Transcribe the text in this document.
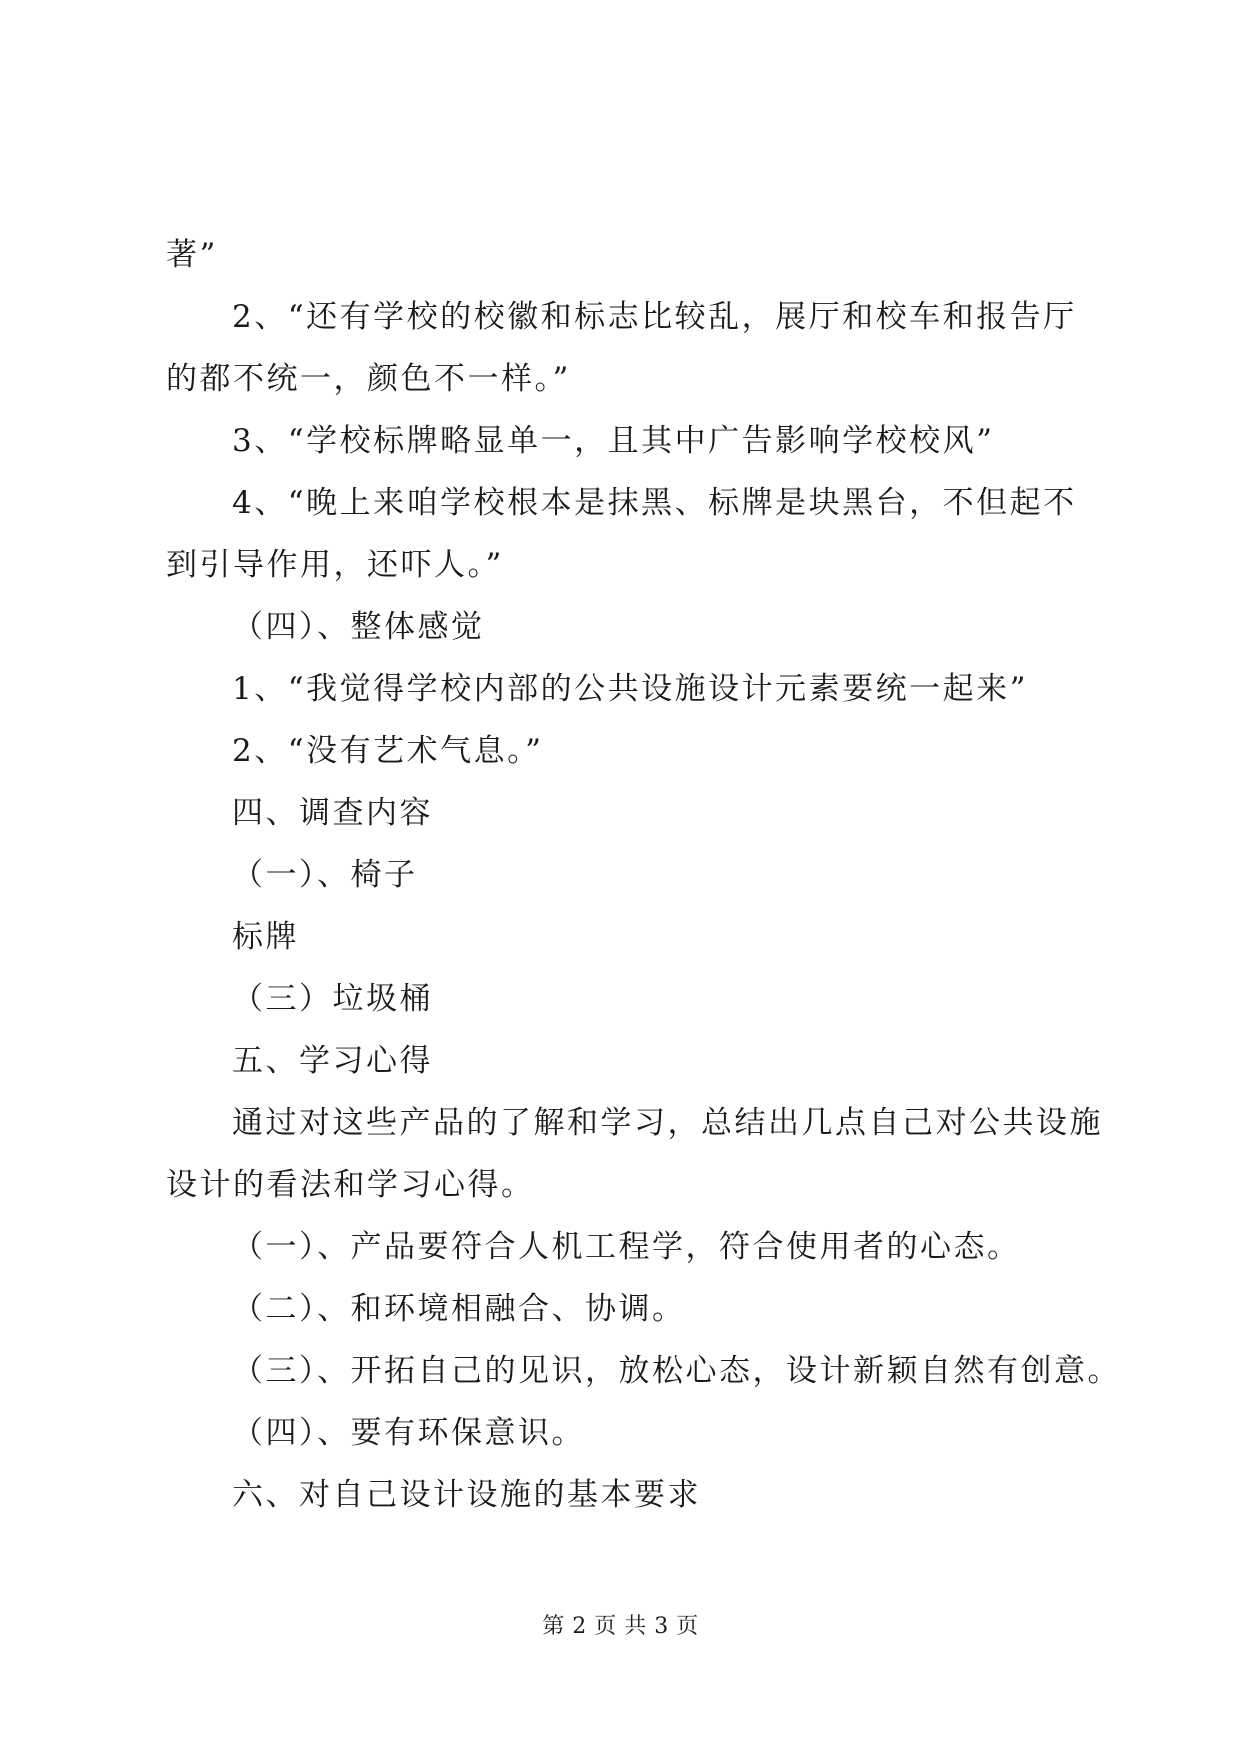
著”
2、“还有学校的校徽和标志比较乱，展厅和校车和报告厅
的都不统一，颜色不一样。”
3、“学校标牌略显单一，且其中广告影响学校校风”
4、“晚上来咱学校根本是抹黑、标牌是块黑台，不但起不
到引导作用，还吓人。”
（四）、整体感觉
1、“我觉得学校内部的公共设施设计元素要统一起来”
2、“没有艺术气息。”
四、调查内容
（一）、椅子
标牌
（三）垃圾桶
五、学习心得
通过对这些产品的了解和学习，总结出几点自己对公共设施
设计的看法和学习心得。
（一）、产品要符合人机工程学，符合使用者的心态。
（二）、和环境相融合、协调。
（三）、开拓自己的见识，放松心态，设计新颖自然有创意。
（四）、要有环保意识。
六、对自己设计设施的基本要求
第 2 页 共 3 页
